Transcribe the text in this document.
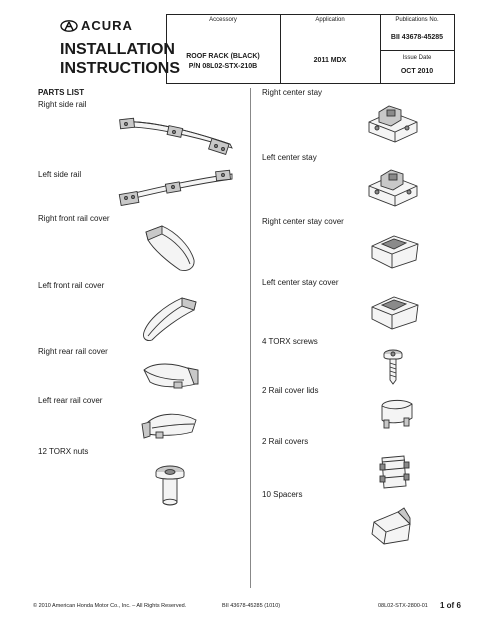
ACURA
INSTALLATION
INSTRUCTIONS
Accessory
ROOF RACK (BLACK)
P/N 08L02-STX-210B
Application
2011 MDX
Publications No.
BII 43678-45285
Issue Date
OCT 2010
PARTS LIST
Right side rail
Left side rail
Right front rail cover
Left front rail cover
Right rear rail cover
Left rear rail cover
12 TORX nuts
Right center stay
Left center stay
Right center stay cover
Left center stay cover
4 TORX screws
2 Rail cover lids
2 Rail covers
10 Spacers
© 2010 American Honda Motor Co., Inc. – All Rights Reserved.	BII 43678-45285 (1010)	08L02-STX-2800-01 1 of 6
